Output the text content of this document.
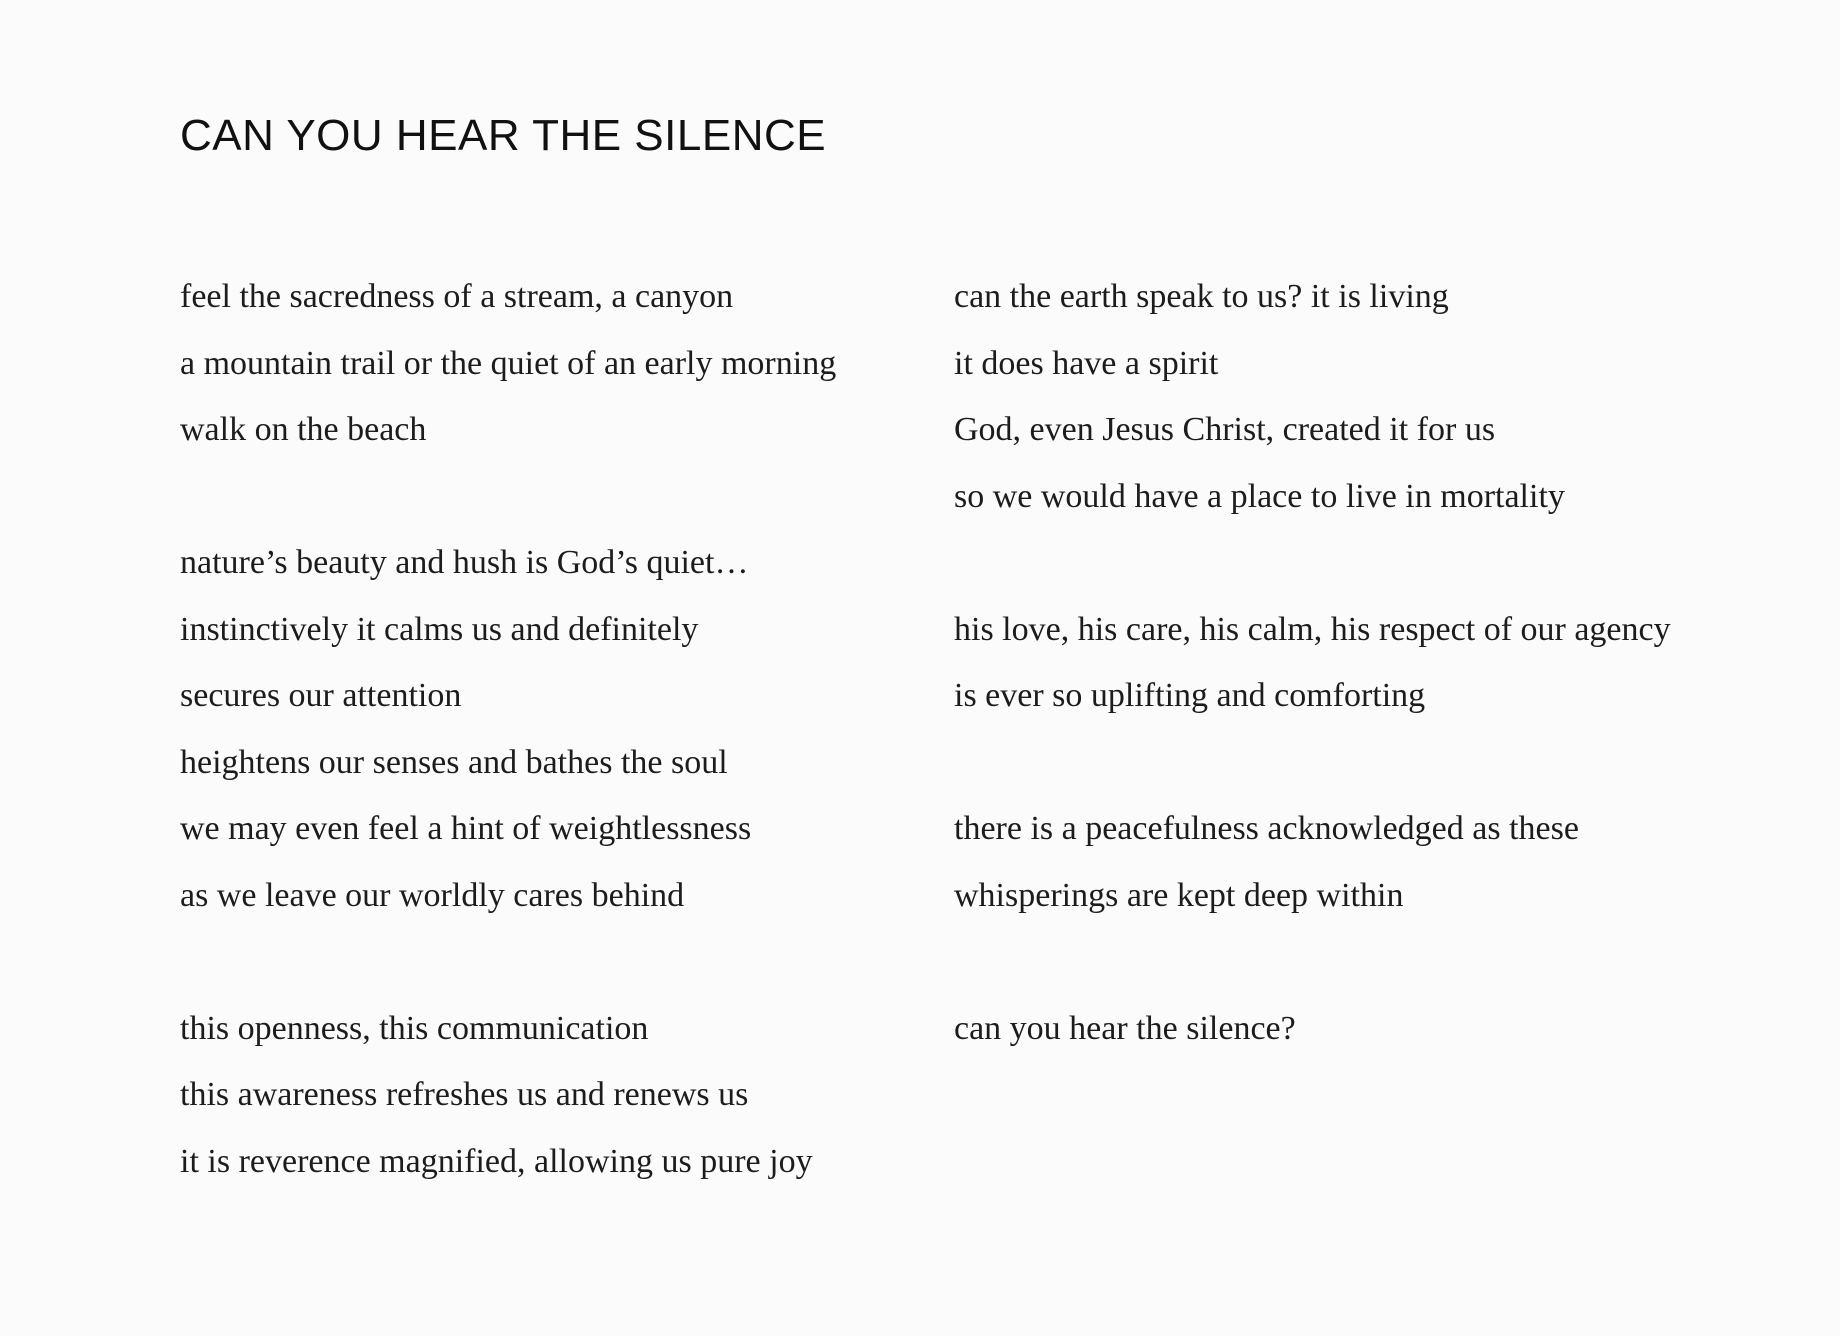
CAN YOU HEAR THE SILENCE
feel the sacredness of a stream, a canyon
a mountain trail or the quiet of an early morning
walk on the beach
nature’s beauty and hush is God’s quiet…
instinctively it calms us and definitely
secures our attention
heightens our senses and bathes the soul
we may even feel a hint of weightlessness
as we leave our worldly cares behind
this openness, this communication
this awareness refreshes us and renews us
it is reverence magnified, allowing us pure joy
can the earth speak to us? it is living
it does have a spirit
God, even Jesus Christ, created it for us
so we would have a place to live in mortality
his love, his care, his calm, his respect of our agency
is ever so uplifting and comforting
there is a peacefulness acknowledged as these
whisperings are kept deep within
can you hear the silence?
